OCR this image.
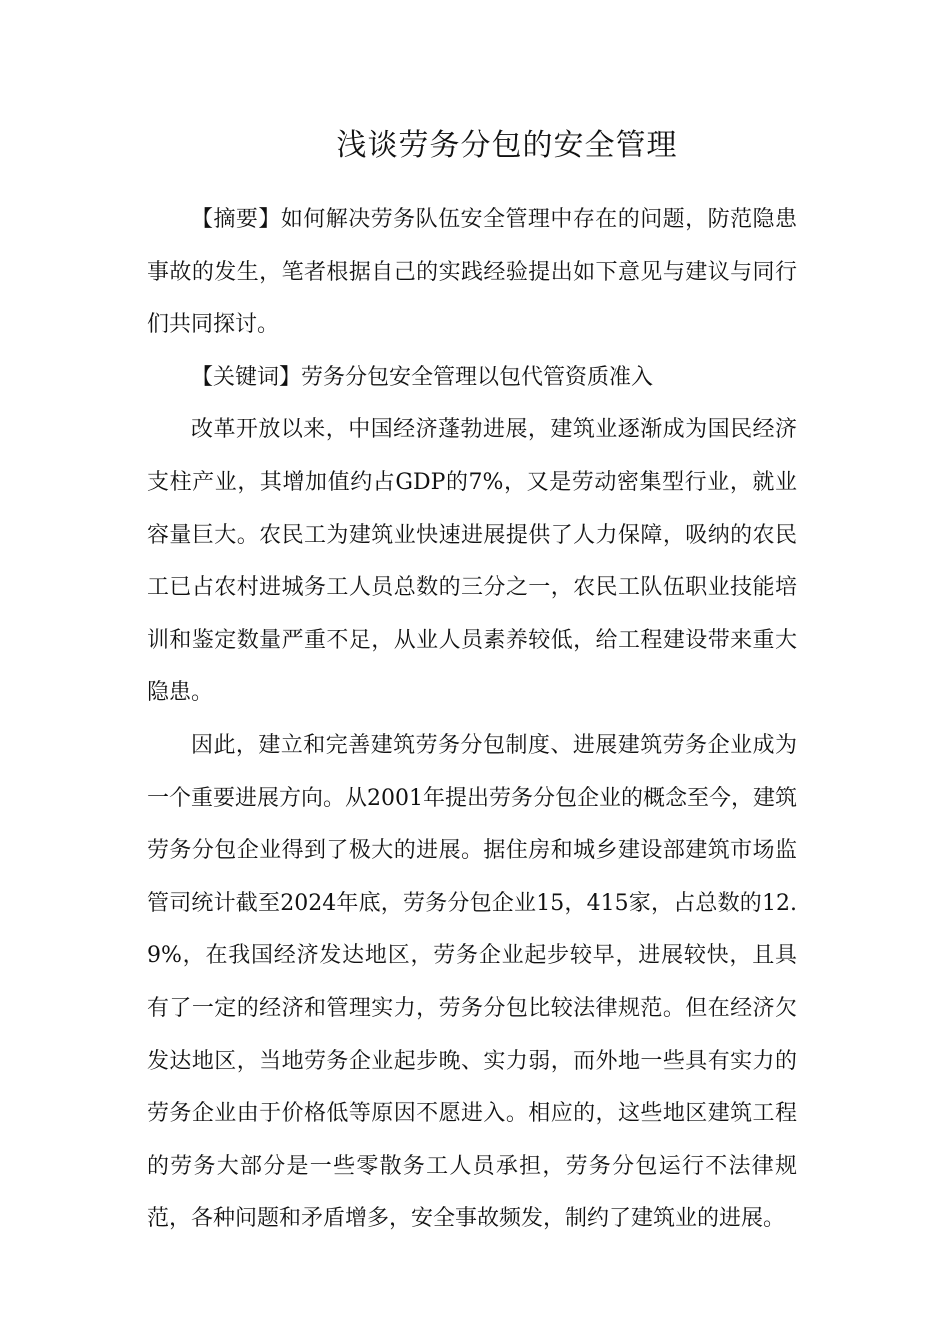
浅谈劳务分包的安全管理

【摘要】如何解决劳务队伍安全管理中存在的问题，防范隐患事故的发生，笔者根据自己的实践经验提出如下意见与建议与同行们共同探讨。

【关键词】劳务分包安全管理以包代管资质准入

改革开放以来，中国经济蓬勃进展，建筑业逐渐成为国民经济支柱产业，其增加值约占GDP的7%，又是劳动密集型行业，就业容量巨大。农民工为建筑业快速进展提供了人力保障，吸纳的农民工已占农村进城务工人员总数的三分之一，农民工队伍职业技能培训和鉴定数量严重不足，从业人员素养较低，给工程建设带来重大隐患。

因此，建立和完善建筑劳务分包制度、进展建筑劳务企业成为一个重要进展方向。从2001年提出劳务分包企业的概念至今，建筑劳务分包企业得到了极大的进展。据住房和城乡建设部建筑市场监管司统计截至2024年底，劳务分包企业15，415家，占总数的12.9%，在我国经济发达地区，劳务企业起步较早，进展较快，且具有了一定的经济和管理实力，劳务分包比较法律规范。但在经济欠发达地区，当地劳务企业起步晚、实力弱，而外地一些具有实力的劳务企业由于价格低等原因不愿进入。相应的，这些地区建筑工程的劳务大部分是一些零散务工人员承担，劳务分包运行不法律规范，各种问题和矛盾增多，安全事故频发，制约了建筑业的进展。
